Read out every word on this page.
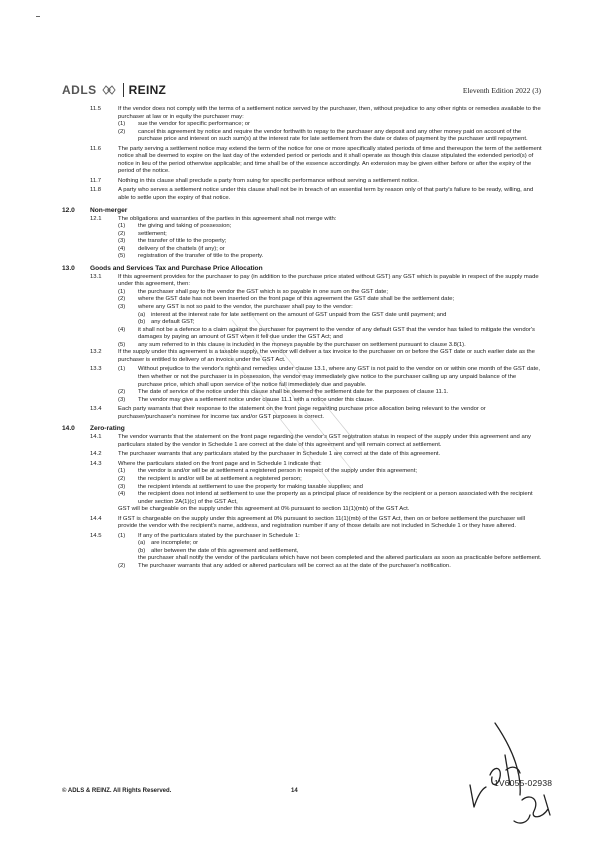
ADLS	REINZ	Eleventh Edition 2022 (3)
11.5	If the vendor does not comply with the terms of a settlement notice served by the purchaser, then, without prejudice to any other rights or remedies available to the purchaser at law or in equity the purchaser may:
(1)	sue the vendor for specific performance; or
(2)	cancel this agreement by notice and require the vendor forthwith to repay to the purchaser any deposit and any other money paid on account of the purchase price and interest on such sum(s) at the interest rate for late settlement from the date or dates of payment by the purchaser until repayment.
11.6	The party serving a settlement notice may extend the term of the notice for one or more specifically stated periods of time and thereupon the term of the settlement notice shall be deemed to expire on the last day of the extended period or periods and it shall operate as though this clause stipulated the extended period(s) of notice in lieu of the period otherwise applicable; and time shall be of the essence accordingly. An extension may be given either before or after the expiry of the period of the notice.
11.7	Nothing in this clause shall preclude a party from suing for specific performance without serving a settlement notice.
11.8	A party who serves a settlement notice under this clause shall not be in breach of an essential term by reason only of that party's failure to be ready, willing, and able to settle upon the expiry of that notice.
12.0	Non-merger
12.1	The obligations and warranties of the parties in this agreement shall not merge with:
(1)	the giving and taking of possession;
(2)	settlement;
(3)	the transfer of title to the property;
(4)	delivery of the chattels (if any); or
(5)	registration of the transfer of title to the property.
13.0	Goods and Services Tax and Purchase Price Allocation
13.1	If this agreement provides for the purchaser to pay (in addition to the purchase price stated without GST) any GST which is payable in respect of the supply made under this agreement, then:
(1)	the purchaser shall pay to the vendor the GST which is so payable in one sum on the GST date;
(2)	where the GST date has not been inserted on the front page of this agreement the GST date shall be the settlement date;
(3)	where any GST is not so paid to the vendor, the purchaser shall pay to the vendor:
(a) interest at the interest rate for late settlement on the amount of GST unpaid from the GST date until payment; and
(b) any default GST;
(4)	it shall not be a defence to a claim against the purchaser for payment to the vendor of any default GST that the vendor has failed to mitigate the vendor's damages by paying an amount of GST when it fell due under the GST Act; and
(5)	any sum referred to in this clause is included in the moneys payable by the purchaser on settlement pursuant to clause 3.8(1).
13.2	If the supply under this agreement is a taxable supply, the vendor will deliver a tax invoice to the purchaser on or before the GST date or such earlier date as the purchaser is entitled to delivery of an invoice under the GST Act.
13.3	(1)	Without prejudice to the vendor's rights and remedies under clause 13.1, where any GST is not paid to the vendor on or within one month of the GST date, then whether or not the purchaser is in possession, the vendor may immediately give notice to the purchaser calling up any unpaid balance of the purchase price, which shall upon service of the notice fall immediately due and payable.
(2)	The date of service of the notice under this clause shall be deemed the settlement date for the purposes of clause 11.1.
(3)	The vendor may give a settlement notice under clause 11.1 with a notice under this clause.
13.4	Each party warrants that their response to the statement on the front page regarding purchase price allocation being relevant to the vendor or purchaser/purchaser's nominee for income tax and/or GST purposes is correct.
14.0	Zero-rating
14.1	The vendor warrants that the statement on the front page regarding the vendor's GST registration status in respect of the supply under this agreement and any particulars stated by the vendor in Schedule 1 are correct at the date of this agreement and will remain correct at settlement.
14.2	The purchaser warrants that any particulars stated by the purchaser in Schedule 1 are correct at the date of this agreement.
14.3	Where the particulars stated on the front page and in Schedule 1 indicate that:
(1)	the vendor is and/or will be at settlement a registered person in respect of the supply under this agreement;
(2)	the recipient is and/or will be at settlement a registered person;
(3)	the recipient intends at settlement to use the property for making taxable supplies; and
(4)	the recipient does not intend at settlement to use the property as a principal place of residence by the recipient or a person associated with the recipient under section 2A(1)(c) of the GST Act,
GST will be chargeable on the supply under this agreement at 0% pursuant to section 11(1)(mb) of the GST Act.
14.4	If GST is chargeable on the supply under this agreement at 0% pursuant to section 11(1)(mb) of the GST Act, then on or before settlement the purchaser will provide the vendor with the recipient's name, address, and registration number if any of those details are not included in Schedule 1 or they have altered.
14.5	(1)	If any of the particulars stated by the purchaser in Schedule 1:
(a) are incomplete; or
(b) alter between the date of this agreement and settlement,
the purchaser shall notify the vendor of the particulars which have not been completed and the altered particulars as soon as practicable before settlement.
(2)	The purchaser warrants that any added or altered particulars will be correct as at the date of the purchaser's notification.
1V6055-02938
© ADLS & REINZ. All Rights Reserved.	14
